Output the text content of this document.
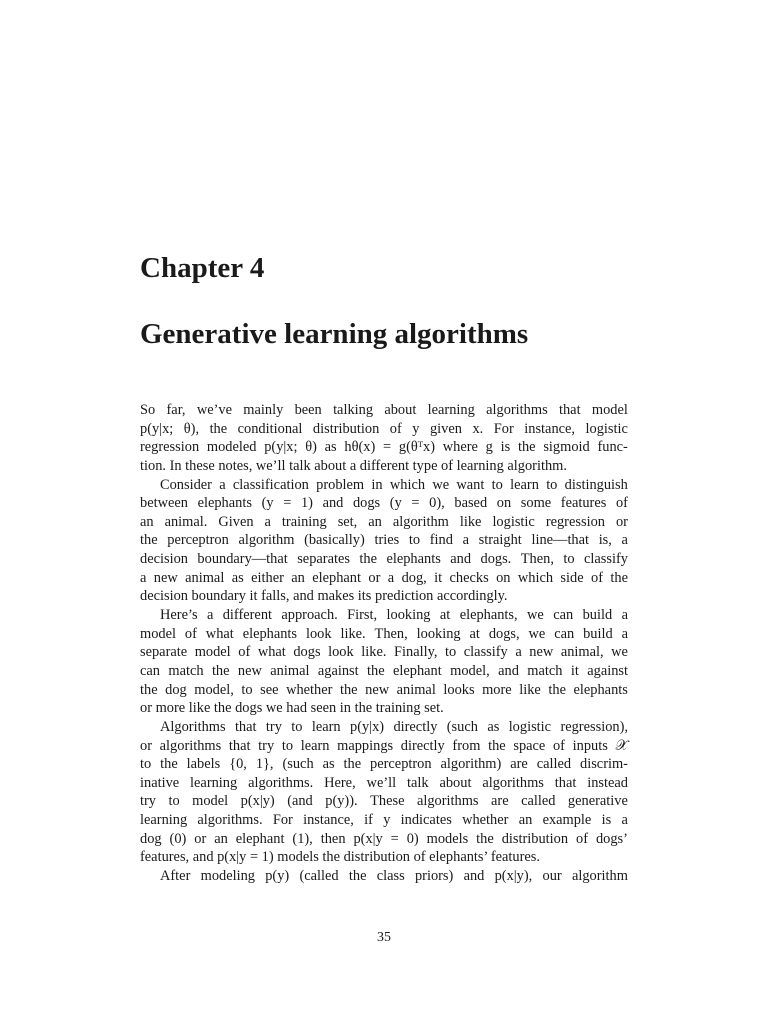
Chapter 4
Generative learning algorithms
So far, we’ve mainly been talking about learning algorithms that model
p(y|x; θ), the conditional distribution of y given x. For instance, logistic
regression modeled p(y|x; θ) as hθ(x) = g(θᵀx) where g is the sigmoid func-
tion. In these notes, we’ll talk about a different type of learning algorithm.
Consider a classification problem in which we want to learn to distinguish
between elephants (y = 1) and dogs (y = 0), based on some features of
an animal. Given a training set, an algorithm like logistic regression or
the perceptron algorithm (basically) tries to find a straight line—that is, a
decision boundary—that separates the elephants and dogs. Then, to classify
a new animal as either an elephant or a dog, it checks on which side of the
decision boundary it falls, and makes its prediction accordingly.
Here’s a different approach. First, looking at elephants, we can build a
model of what elephants look like. Then, looking at dogs, we can build a
separate model of what dogs look like. Finally, to classify a new animal, we
can match the new animal against the elephant model, and match it against
the dog model, to see whether the new animal looks more like the elephants
or more like the dogs we had seen in the training set.
Algorithms that try to learn p(y|x) directly (such as logistic regression),
or algorithms that try to learn mappings directly from the space of inputs 𝒳
to the labels {0, 1}, (such as the perceptron algorithm) are called discrim-
inative learning algorithms. Here, we’ll talk about algorithms that instead
try to model p(x|y) (and p(y)). These algorithms are called generative
learning algorithms. For instance, if y indicates whether an example is a
dog (0) or an elephant (1), then p(x|y = 0) models the distribution of dogs’
features, and p(x|y = 1) models the distribution of elephants’ features.
After modeling p(y) (called the class priors) and p(x|y), our algorithm
35
